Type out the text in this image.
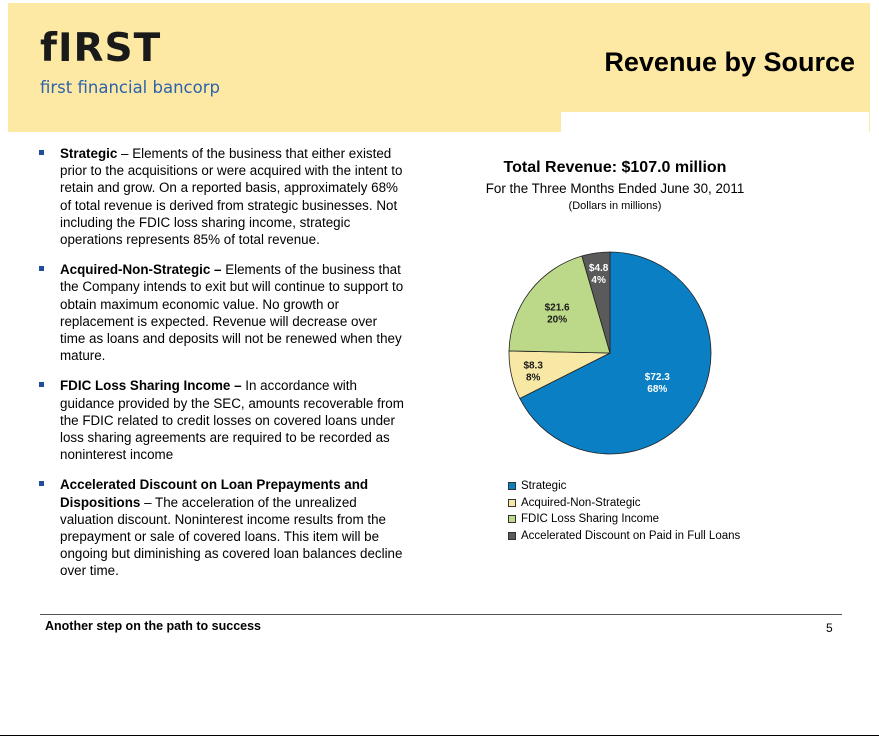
fIRST
first financial bancorp
Revenue by Source
Strategic – Elements of the business that either existed prior to the acquisitions or were acquired with the intent to retain and grow. On a reported basis, approximately 68% of total revenue is derived from strategic businesses. Not including the FDIC loss sharing income, strategic operations represents 85% of total revenue.
Acquired-Non-Strategic – Elements of the business that the Company intends to exit but will continue to support to obtain maximum economic value. No growth or replacement is expected. Revenue will decrease over time as loans and deposits will not be renewed when they mature.
FDIC Loss Sharing Income – In accordance with guidance provided by the SEC, amounts recoverable from the FDIC related to credit losses on covered loans under loss sharing agreements are required to be recorded as noninterest income
Accelerated Discount on Loan Prepayments and Dispositions – The acceleration of the unrealized valuation discount. Noninterest income results from the prepayment or sale of covered loans. This item will be ongoing but diminishing as covered loan balances decline over time.
Total Revenue: $107.0 million
For the Three Months Ended June 30, 2011
(Dollars in millions)
$72.3
68%
$8.3
8%
$21.6
20%
$4.8
4%
Strategic
Acquired-Non-Strategic
FDIC Loss Sharing Income
Accelerated Discount on Paid in Full Loans
Another step on the path to success	5
